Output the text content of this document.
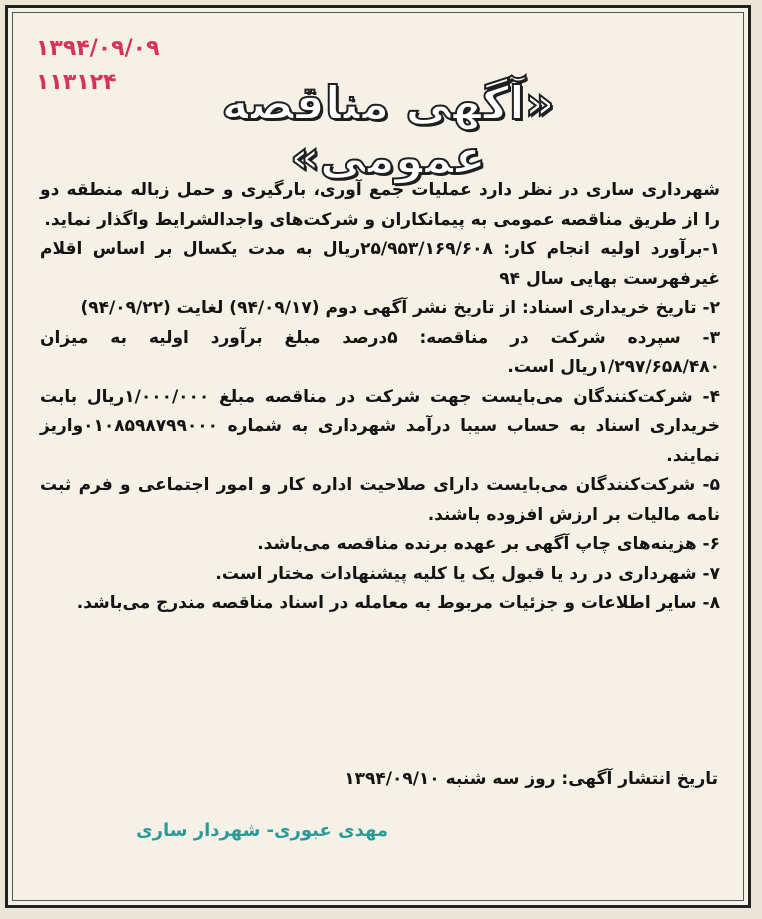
۱۳۹۴/۰۹/۰۹
۱۱۳۱۲۴	«آگهی مناقصه عمومی»

شهرداری ساری در نظر دارد عملیات جمع آوری، بارگیری و حمل زباله منطقه دو را از طریق مناقصه عمومی به پیمانکاران و شرکت‌های واجدالشرایط واگذار نماید.

۱-برآورد اولیه انجام کار: ۲۵/۹۵۳/۱۶۹/۶۰۸ریال به مدت یکسال بر اساس اقلام غیرفهرست بهایی سال ۹۴

۲- تاریخ خریداری اسناد: از تاریخ نشر آگهی دوم (۹۴/۰۹/۱۷) لغایت (۹۴/۰۹/۲۲)

۳- سپرده شرکت در مناقصه: ۵درصد مبلغ برآورد اولیه به میزان ۱/۲۹۷/۶۵۸/۴۸۰ریال است.

۴- شرکت‌کنندگان می‌بایست جهت شرکت در مناقصه مبلغ ۱/۰۰۰/۰۰۰ریال بابت خریداری اسناد به حساب سیبا درآمد شهرداری به شماره ۰۱۰۸۵۹۸۷۹۹۰۰۰واریز نمایند.

۵- شرکت‌کنندگان می‌بایست دارای صلاحیت اداره کار و امور اجتماعی و فرم ثبت نامه مالیات بر ارزش افزوده باشند.

۶- هزینه‌های چاپ آگهی بر عهده برنده مناقصه می‌باشد.

۷- شهرداری در رد یا قبول یک یا کلیه پیشنهادات مختار است.

۸- سایر اطلاعات و جزئیات مربوط به معامله در اسناد مناقصه مندرج می‌باشد.

تاریخ انتشار آگهی: روز سه شنبه ۱۳۹۴/۰۹/۱۰
مهدی عبوری- شهردار ساری
